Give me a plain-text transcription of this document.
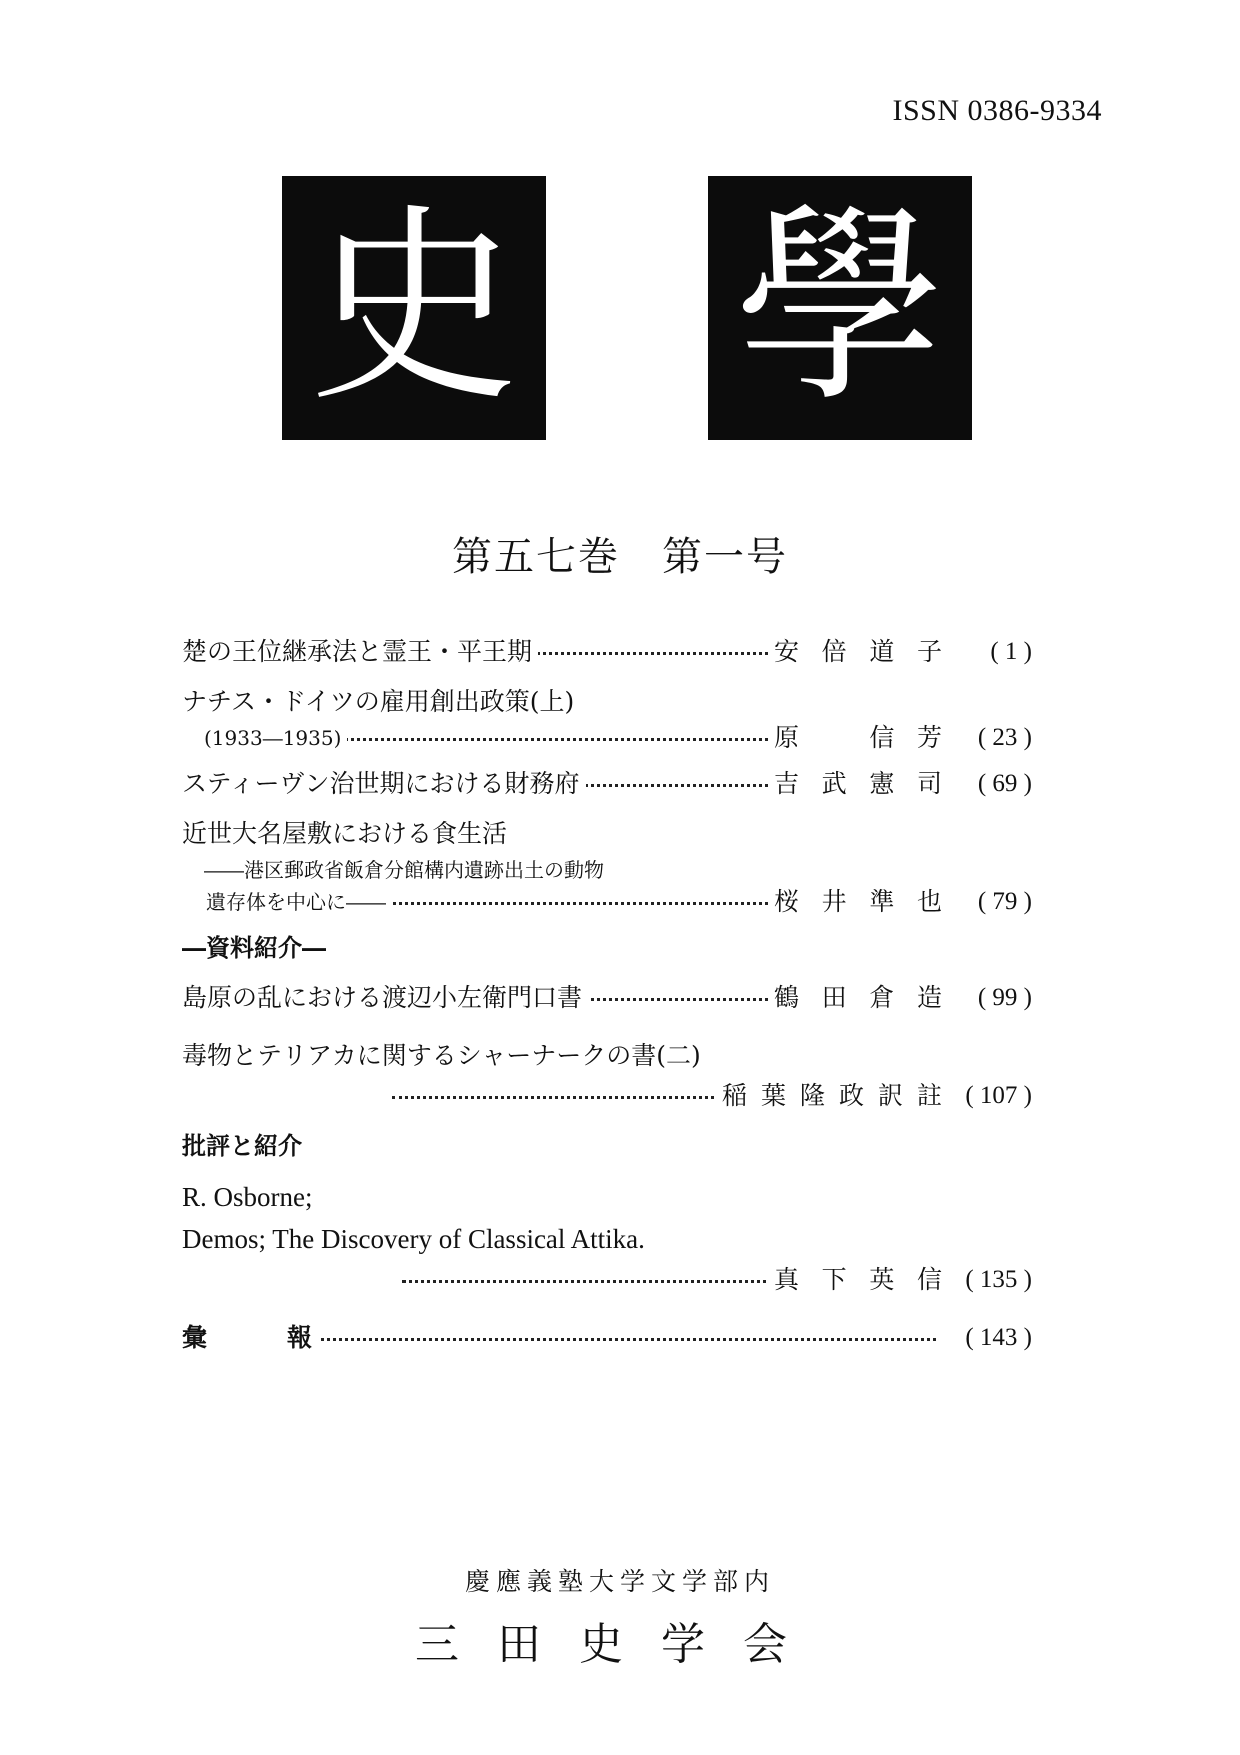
ISSN 0386-9334
史 學
第五七巻　第一号
楚の王位継承法と霊王・平王期	安倍道子	( 1 )
ナチス・ドイツの雇用創出政策(上)
(1933―1935)	原　信芳	( 23 )
スティーヴン治世期における財務府	吉武憲司	( 69 )
近世大名屋敷における食生活
――港区郵政省飯倉分館構内遺跡出土の動物
遺存体を中心に――	桜井準也	( 79 )
―資料紹介―
島原の乱における渡辺小左衛門口書	鶴田倉造	( 99 )
毒物とテリアカに関するシャーナークの書(二)
稲葉隆政訳註 ( 107 )
批評と紹介
R. Osborne;
Demos; The Discovery of Classical Attika.
真下英信 ( 135 )
彙	報	( 143 )
慶應義塾大学文学部内
三田史学会
